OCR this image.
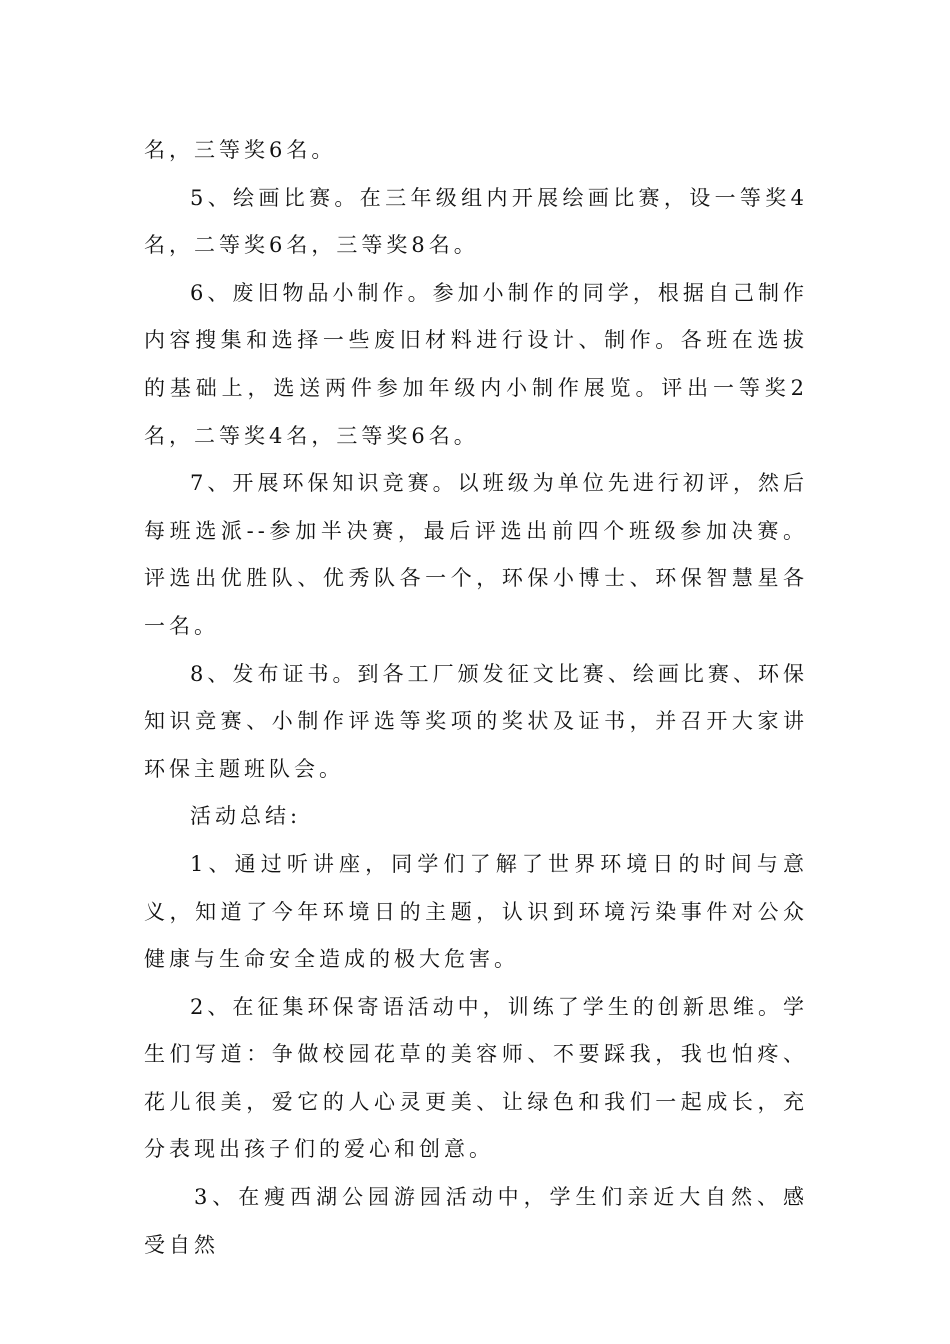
名，三等奖6名。

5、绘画比赛。在三年级组内开展绘画比赛，设一等奖4名，二等奖6名，三等奖8名。

6、废旧物品小制作。参加小制作的同学，根据自己制作内容搜集和选择一些废旧材料进行设计、制作。各班在选拔的基础上，选送两件参加年级内小制作展览。评出一等奖2名，二等奖4名，三等奖6名。

7、开展环保知识竞赛。以班级为单位先进行初评，然后每班选派--参加半决赛，最后评选出前四个班级参加决赛。评选出优胜队、优秀队各一个，环保小博士、环保智慧星各一名。

8、发布证书。到各工厂颁发征文比赛、绘画比赛、环保知识竞赛、小制作评选等奖项的奖状及证书，并召开大家讲环保主题班队会。

活动总结:

1、通过听讲座，同学们了解了世界环境日的时间与意义，知道了今年环境日的主题，认识到环境污染事件对公众健康与生命安全造成的极大危害。

2、在征集环保寄语活动中，训练了学生的创新思维。学生们写道：争做校园花草的美容师、不要踩我，我也怕疼、花儿很美，爱它的人心灵更美、让绿色和我们一起成长，充分表现出孩子们的爱心和创意。

3、在瘦西湖公园游园活动中，学生们亲近大自然、感受自然
